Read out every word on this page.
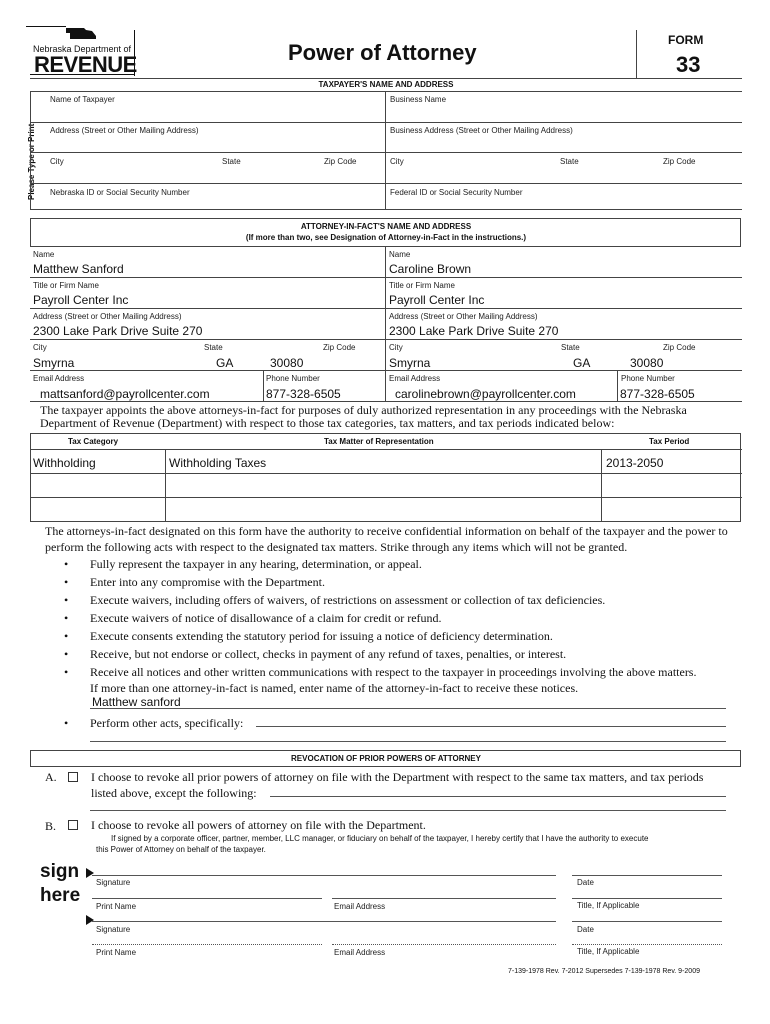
Nebraska Department of
REVENUE	Power of Attorney	FORM
33
TAXPAYER'S NAME AND ADDRESS
Please Type or Print
Name of Taxpayer	Business Name
Address (Street or Other Mailing Address)	Business Address (Street or Other Mailing Address)
City	State	Zip Code	City	State	Zip Code
Nebraska ID or Social Security Number	Federal ID or Social Security Number
ATTORNEY-IN-FACT'S NAME AND ADDRESS
(If more than two, see Designation of Attorney-in-Fact in the instructions.)
Name
Matthew Sanford
Name
Caroline Brown
Title or Firm Name
Payroll Center Inc
Title or Firm Name
Payroll Center Inc
Address (Street or Other Mailing Address)
2300 Lake Park Drive Suite 270
Address (Street or Other Mailing Address)
2300 Lake Park Drive Suite 270
City	State	Zip Code
Smyrna	GA	30080
City	State	Zip Code
Smyrna	GA	30080
Email Address
mattsanford@payrollcenter.com
Phone Number
877-328-6505
Email Address
carolinebrown@payrollcenter.com
Phone Number
877-328-6505
The taxpayer appoints the above attorneys-in-fact for purposes of duly authorized representation in any proceedings with the Nebraska Department of Revenue (Department) with respect to those tax categories, tax matters, and tax periods indicated below:
Tax Category	Tax Matter of Representation	Tax Period
Withholding	Withholding Taxes	2013-2050
The attorneys-in-fact designated on this form have the authority to receive confidential information on behalf of the taxpayer and the power to perform the following acts with respect to the designated tax matters. Strike through any items which will not be granted.
• Fully represent the taxpayer in any hearing, determination, or appeal.
• Enter into any compromise with the Department.
• Execute waivers, including offers of waivers, of restrictions on assessment or collection of tax deficiencies.
• Execute waivers of notice of disallowance of a claim for credit or refund.
• Execute consents extending the statutory period for issuing a notice of deficiency determination.
• Receive, but not endorse or collect, checks in payment of any refund of taxes, penalties, or interest.
• Receive all notices and other written communications with respect to the taxpayer in proceedings involving the above matters.
If more than one attorney-in-fact is named, enter name of the attorney-in-fact to receive these notices.
Matthew sanford
• Perform other acts, specifically:
REVOCATION OF PRIOR POWERS OF ATTORNEY
A.	I choose to revoke all prior powers of attorney on file with the Department with respect to the same tax matters, and tax periods
listed above, except the following:
B.	I choose to revoke all powers of attorney on file with the Department.
If signed by a corporate officer, partner, member, LLC manager, or fiduciary on behalf of the taxpayer, I hereby certify that I have the authority to execute
this Power of Attorney on behalf of the taxpayer.
sign
here
Signature	Date
Print Name	Email Address	Title, If Applicable
Signature	Date
Print Name	Email Address	Title, If Applicable
7-139-1978 Rev. 7-2012 Supersedes 7-139-1978 Rev. 9-2009
